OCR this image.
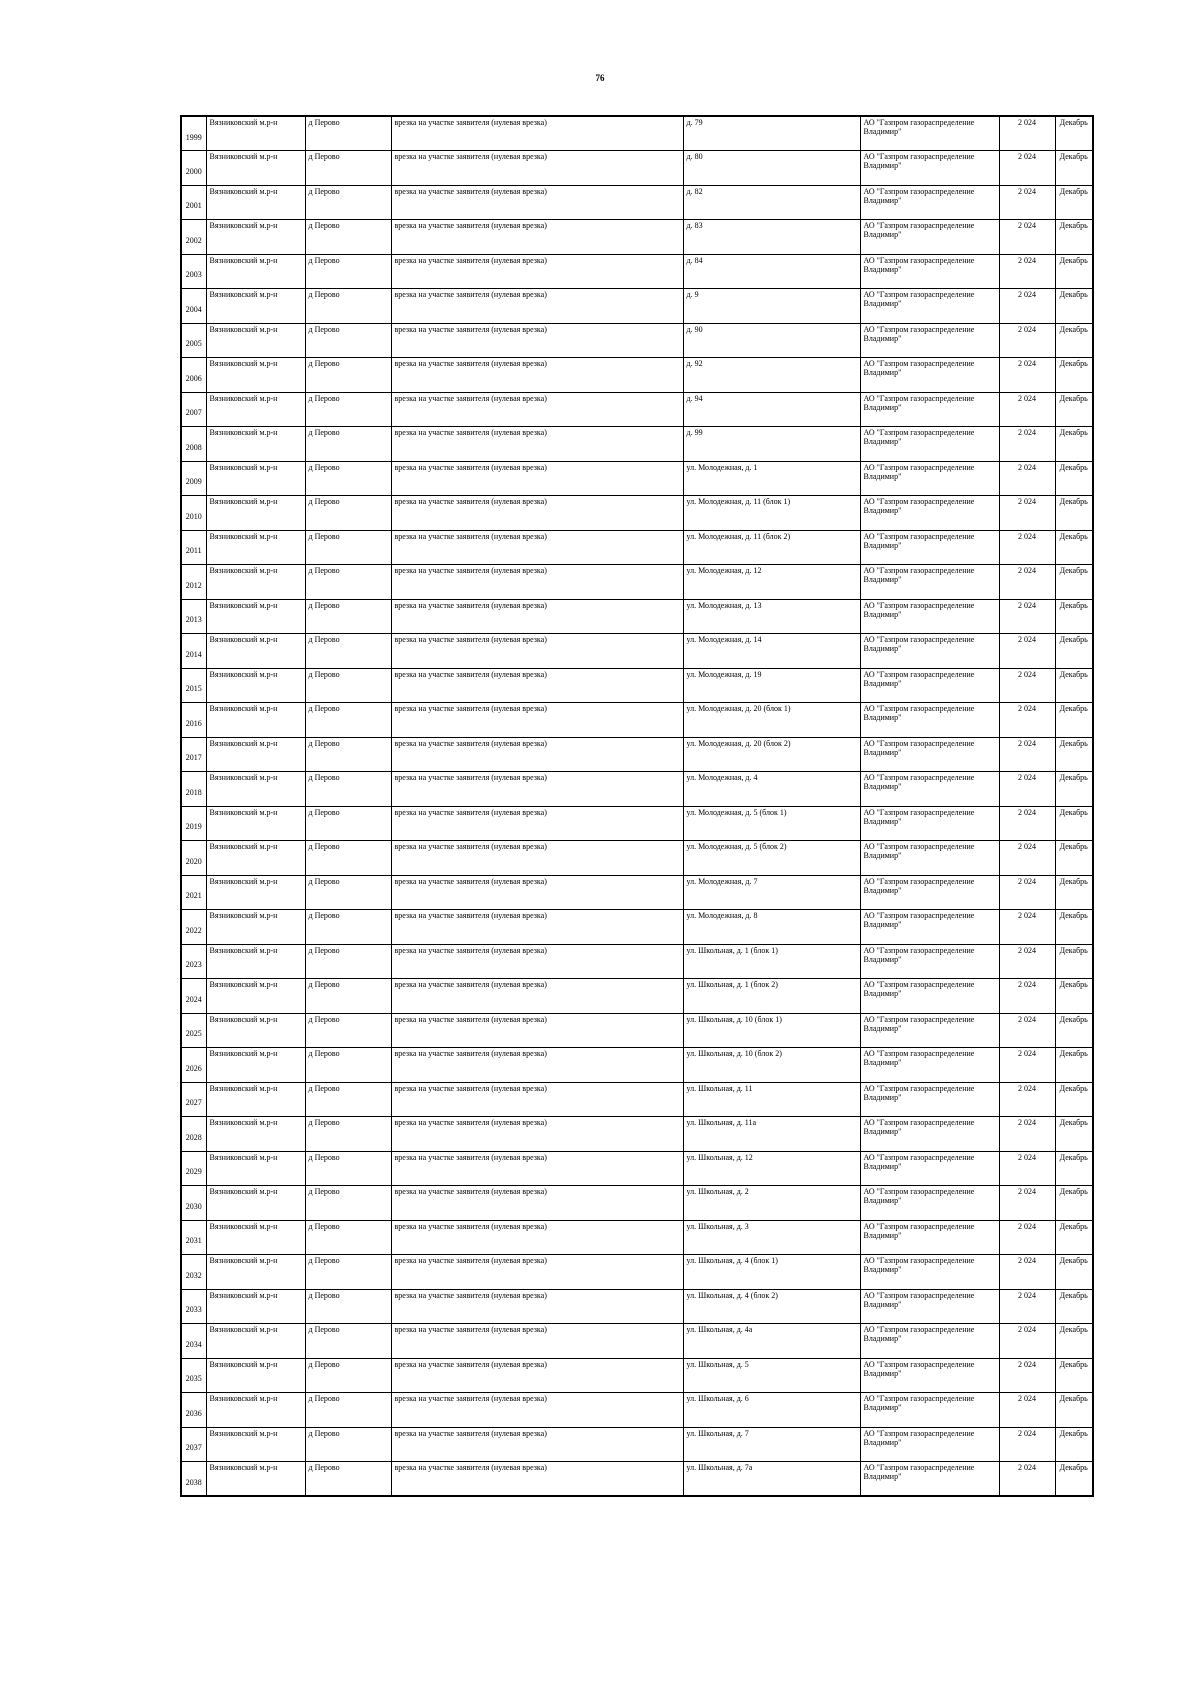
76
1999	Вязниковский м.р-н	д Перово	врезка на участке заявителя (нулевая врезка)	д. 79	АО "Газпром газораспределение Владимир"	2 024	Декабрь
2000	Вязниковский м.р-н	д Перово	врезка на участке заявителя (нулевая врезка)	д. 80	АО "Газпром газораспределение Владимир"	2 024	Декабрь
2001	Вязниковский м.р-н	д Перово	врезка на участке заявителя (нулевая врезка)	д. 82	АО "Газпром газораспределение Владимир"	2 024	Декабрь
2002	Вязниковский м.р-н	д Перово	врезка на участке заявителя (нулевая врезка)	д. 83	АО "Газпром газораспределение Владимир"	2 024	Декабрь
2003	Вязниковский м.р-н	д Перово	врезка на участке заявителя (нулевая врезка)	д. 84	АО "Газпром газораспределение Владимир"	2 024	Декабрь
2004	Вязниковский м.р-н	д Перово	врезка на участке заявителя (нулевая врезка)	д. 9	АО "Газпром газораспределение Владимир"	2 024	Декабрь
2005	Вязниковский м.р-н	д Перово	врезка на участке заявителя (нулевая врезка)	д. 90	АО "Газпром газораспределение Владимир"	2 024	Декабрь
2006	Вязниковский м.р-н	д Перово	врезка на участке заявителя (нулевая врезка)	д. 92	АО "Газпром газораспределение Владимир"	2 024	Декабрь
2007	Вязниковский м.р-н	д Перово	врезка на участке заявителя (нулевая врезка)	д. 94	АО "Газпром газораспределение Владимир"	2 024	Декабрь
2008	Вязниковский м.р-н	д Перово	врезка на участке заявителя (нулевая врезка)	д. 99	АО "Газпром газораспределение Владимир"	2 024	Декабрь
2009	Вязниковский м.р-н	д Перово	врезка на участке заявителя (нулевая врезка)	ул. Молодежная, д. 1	АО "Газпром газораспределение Владимир"	2 024	Декабрь
2010	Вязниковский м.р-н	д Перово	врезка на участке заявителя (нулевая врезка)	ул. Молодежная, д. 11 (блок 1)	АО "Газпром газораспределение Владимир"	2 024	Декабрь
2011	Вязниковский м.р-н	д Перово	врезка на участке заявителя (нулевая врезка)	ул. Молодежная, д. 11 (блок 2)	АО "Газпром газораспределение Владимир"	2 024	Декабрь
2012	Вязниковский м.р-н	д Перово	врезка на участке заявителя (нулевая врезка)	ул. Молодежная, д. 12	АО "Газпром газораспределение Владимир"	2 024	Декабрь
2013	Вязниковский м.р-н	д Перово	врезка на участке заявителя (нулевая врезка)	ул. Молодежная, д. 13	АО "Газпром газораспределение Владимир"	2 024	Декабрь
2014	Вязниковский м.р-н	д Перово	врезка на участке заявителя (нулевая врезка)	ул. Молодежная, д. 14	АО "Газпром газораспределение Владимир"	2 024	Декабрь
2015	Вязниковский м.р-н	д Перово	врезка на участке заявителя (нулевая врезка)	ул. Молодежная, д. 19	АО "Газпром газораспределение Владимир"	2 024	Декабрь
2016	Вязниковский м.р-н	д Перово	врезка на участке заявителя (нулевая врезка)	ул. Молодежная, д. 20 (блок 1)	АО "Газпром газораспределение Владимир"	2 024	Декабрь
2017	Вязниковский м.р-н	д Перово	врезка на участке заявителя (нулевая врезка)	ул. Молодежная, д. 20 (блок 2)	АО "Газпром газораспределение Владимир"	2 024	Декабрь
2018	Вязниковский м.р-н	д Перово	врезка на участке заявителя (нулевая врезка)	ул. Молодежная, д. 4	АО "Газпром газораспределение Владимир"	2 024	Декабрь
2019	Вязниковский м.р-н	д Перово	врезка на участке заявителя (нулевая врезка)	ул. Молодежная, д. 5 (блок 1)	АО "Газпром газораспределение Владимир"	2 024	Декабрь
2020	Вязниковский м.р-н	д Перово	врезка на участке заявителя (нулевая врезка)	ул. Молодежная, д. 5 (блок 2)	АО "Газпром газораспределение Владимир"	2 024	Декабрь
2021	Вязниковский м.р-н	д Перово	врезка на участке заявителя (нулевая врезка)	ул. Молодежная, д. 7	АО "Газпром газораспределение Владимир"	2 024	Декабрь
2022	Вязниковский м.р-н	д Перово	врезка на участке заявителя (нулевая врезка)	ул. Молодежная, д. 8	АО "Газпром газораспределение Владимир"	2 024	Декабрь
2023	Вязниковский м.р-н	д Перово	врезка на участке заявителя (нулевая врезка)	ул. Школьная, д. 1 (блок 1)	АО "Газпром газораспределение Владимир"	2 024	Декабрь
2024	Вязниковский м.р-н	д Перово	врезка на участке заявителя (нулевая врезка)	ул. Школьная, д. 1 (блок 2)	АО "Газпром газораспределение Владимир"	2 024	Декабрь
2025	Вязниковский м.р-н	д Перово	врезка на участке заявителя (нулевая врезка)	ул. Школьная, д. 10 (блок 1)	АО "Газпром газораспределение Владимир"	2 024	Декабрь
2026	Вязниковский м.р-н	д Перово	врезка на участке заявителя (нулевая врезка)	ул. Школьная, д. 10 (блок 2)	АО "Газпром газораспределение Владимир"	2 024	Декабрь
2027	Вязниковский м.р-н	д Перово	врезка на участке заявителя (нулевая врезка)	ул. Школьная, д. 11	АО "Газпром газораспределение Владимир"	2 024	Декабрь
2028	Вязниковский м.р-н	д Перово	врезка на участке заявителя (нулевая врезка)	ул. Школьная, д. 11а	АО "Газпром газораспределение Владимир"	2 024	Декабрь
2029	Вязниковский м.р-н	д Перово	врезка на участке заявителя (нулевая врезка)	ул. Школьная, д. 12	АО "Газпром газораспределение Владимир"	2 024	Декабрь
2030	Вязниковский м.р-н	д Перово	врезка на участке заявителя (нулевая врезка)	ул. Школьная, д. 2	АО "Газпром газораспределение Владимир"	2 024	Декабрь
2031	Вязниковский м.р-н	д Перово	врезка на участке заявителя (нулевая врезка)	ул. Школьная, д. 3	АО "Газпром газораспределение Владимир"	2 024	Декабрь
2032	Вязниковский м.р-н	д Перово	врезка на участке заявителя (нулевая врезка)	ул. Школьная, д. 4 (блок 1)	АО "Газпром газораспределение Владимир"	2 024	Декабрь
2033	Вязниковский м.р-н	д Перово	врезка на участке заявителя (нулевая врезка)	ул. Школьная, д. 4 (блок 2)	АО "Газпром газораспределение Владимир"	2 024	Декабрь
2034	Вязниковский м.р-н	д Перово	врезка на участке заявителя (нулевая врезка)	ул. Школьная, д. 4а	АО "Газпром газораспределение Владимир"	2 024	Декабрь
2035	Вязниковский м.р-н	д Перово	врезка на участке заявителя (нулевая врезка)	ул. Школьная, д. 5	АО "Газпром газораспределение Владимир"	2 024	Декабрь
2036	Вязниковский м.р-н	д Перово	врезка на участке заявителя (нулевая врезка)	ул. Школьная, д. 6	АО "Газпром газораспределение Владимир"	2 024	Декабрь
2037	Вязниковский м.р-н	д Перово	врезка на участке заявителя (нулевая врезка)	ул. Школьная, д. 7	АО "Газпром газораспределение Владимир"	2 024	Декабрь
2038	Вязниковский м.р-н	д Перово	врезка на участке заявителя (нулевая врезка)	ул. Школьная, д. 7а	АО "Газпром газораспределение Владимир"	2 024	Декабрь
